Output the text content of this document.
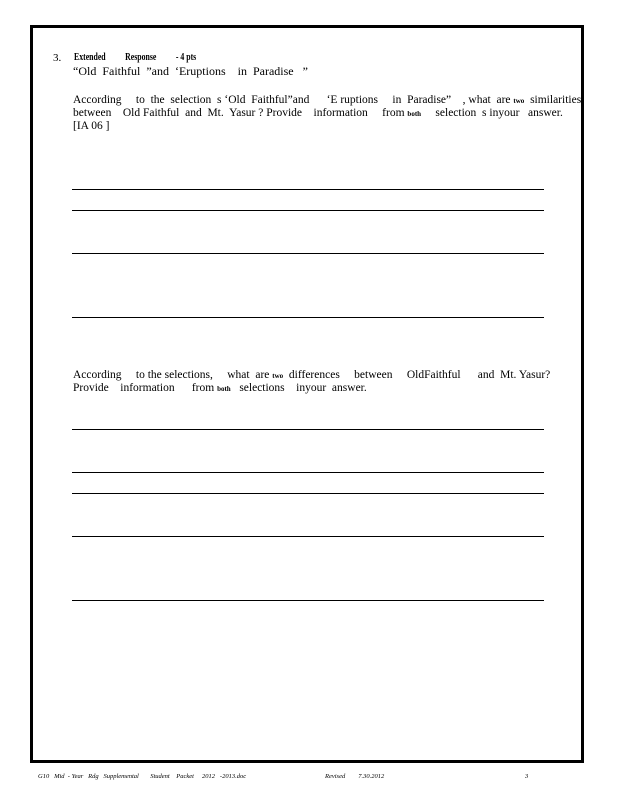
3. Extended          Response          - 4 pts
“Old  Faithful  ”and  ‘Eruptions    in  Paradise   ”
According     to  the  selection  s ‘Old  Faithful”and      ‘E ruptions     in  Paradise”    , what  are two  similarities
between    Old Faithful  and  Mt.  Yasur ? Provide    information     from both     selection  s inyour   answer.
[IA 06 ]
According     to the selections,     what  are two  differences     between     OldFaithful      and  Mt. Yasur?
Provide    information      from both   selections    inyour  answer.
G10   Mid  - Year   Rdg   Supplemental       Student    Packet     2012   -2013.doc	Revised        7.30.2012	3
